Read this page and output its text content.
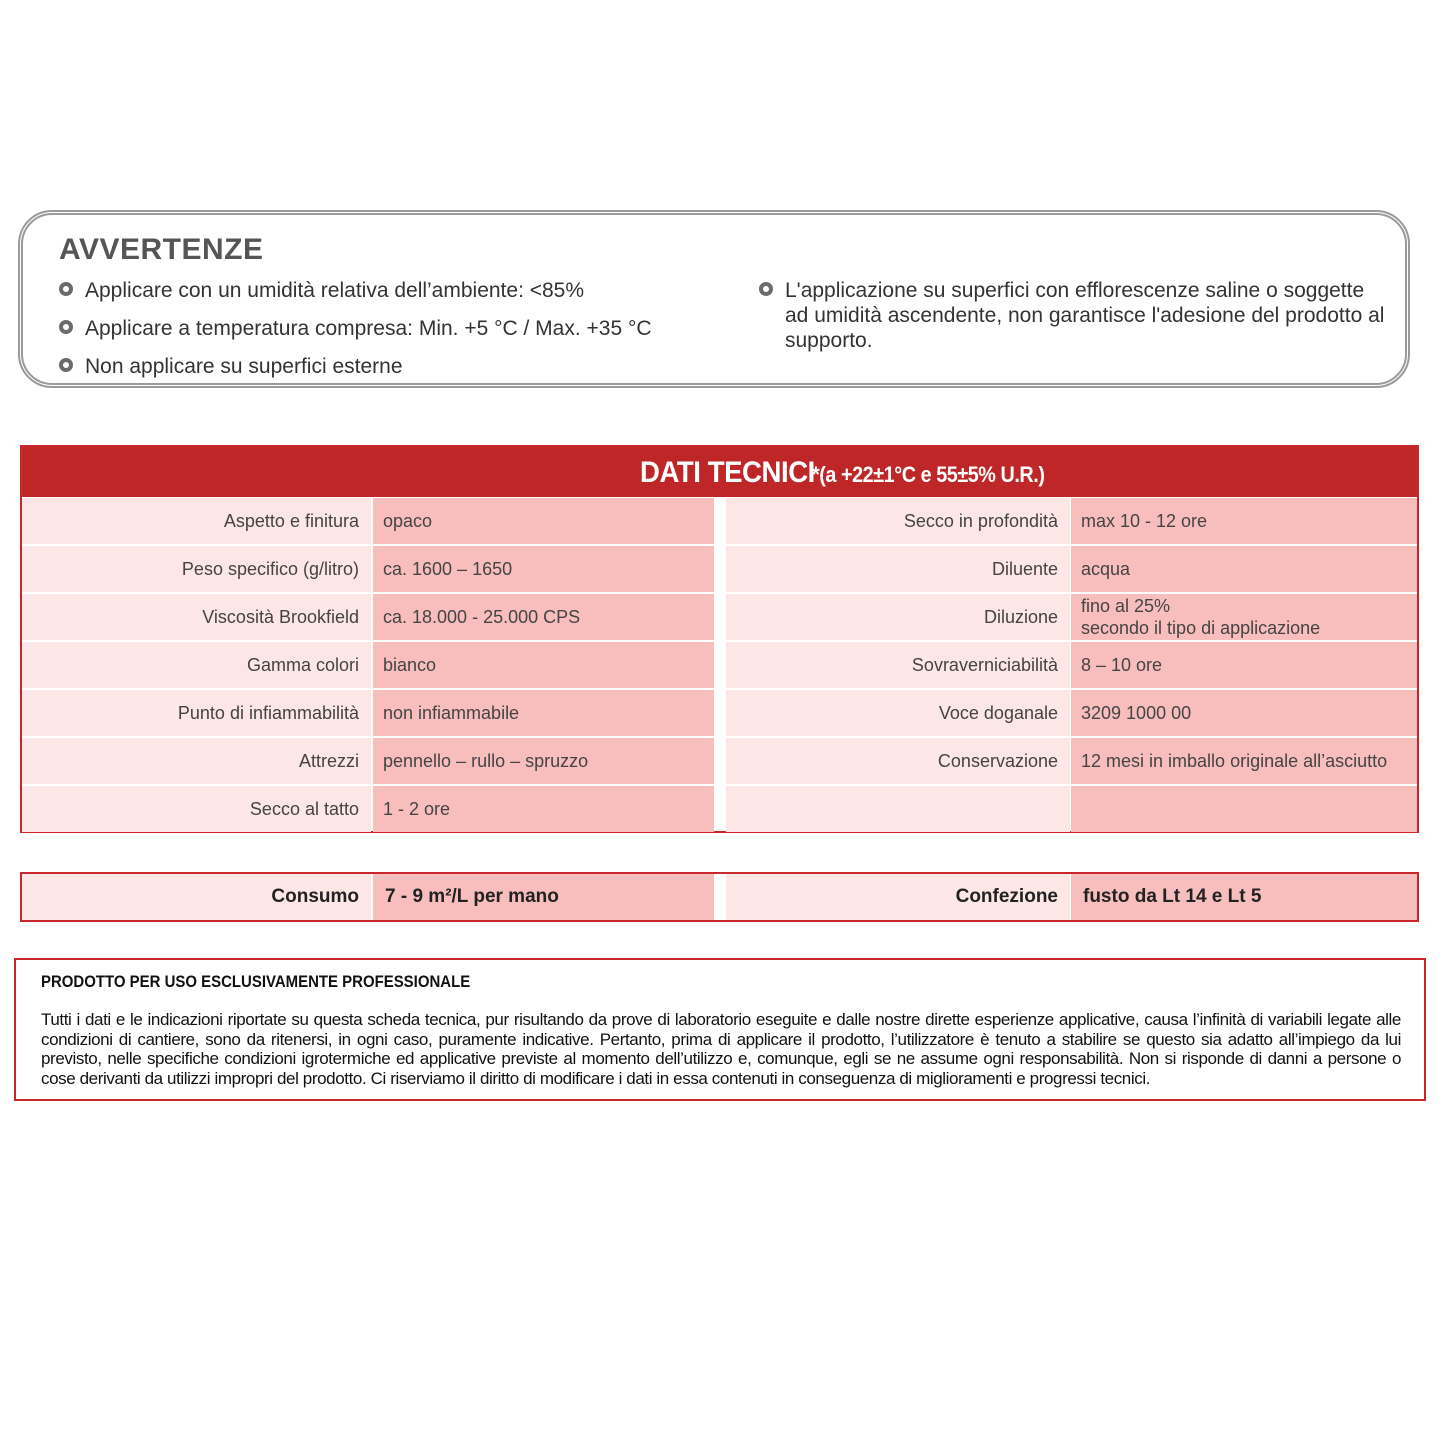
AVVERTENZE
Applicare con un umidità relativa dell’ambiente: <85%
Applicare a temperatura compresa: Min. +5 °C / Max. +35 °C
Non applicare su superfici esterne
L'applicazione su superfici con efflorescenze saline o soggette ad umidità ascendente, non garantisce l'adesione del prodotto al supporto.
DATI TECNICI
*(a +22±1°C e 55±5% U.R.)
Aspetto e finitura opaco	Secco in profondità max 10 - 12 ore
Peso specifico (g/litro) ca. 1600 – 1650	Diluente acqua
Viscosità Brookfield ca. 18.000 - 25.000 CPS	Diluzione
fino al 25%
secondo il tipo di applicazione
Gamma colori bianco	Sovraverniciabilità 8 – 10 ore
Punto di infiammabilità non infiammabile	Voce doganale 3209 1000 00
Attrezzi pennello – rullo – spruzzo	Conservazione 12 mesi in imballo originale all’asciutto
Secco al tatto 1 - 2 ore
Consumo 7 - 9 m²/L per mano	Confezione fusto da Lt 14 e Lt 5
PRODOTTO PER USO ESCLUSIVAMENTE PROFESSIONALE
Tutti i dati e le indicazioni riportate su questa scheda tecnica, pur risultando da prove di laboratorio eseguite e dalle nostre dirette esperienze applicative, causa l’infinità di variabili legate alle condizioni di cantiere, sono da ritenersi, in ogni caso, puramente indicative. Pertanto, prima di applicare il prodotto, l’utilizzatore è tenuto a stabilire se questo sia adatto all’impiego da lui previsto, nelle specifiche condizioni igrotermiche ed applicative previste al momento dell’utilizzo e, comunque, egli se ne assume ogni responsabilità. Non si risponde di danni a persone o cose derivanti da utilizzi impropri del prodotto. Ci riserviamo il diritto di modificare i dati in essa contenuti in conseguenza di miglioramenti e progressi tecnici.
